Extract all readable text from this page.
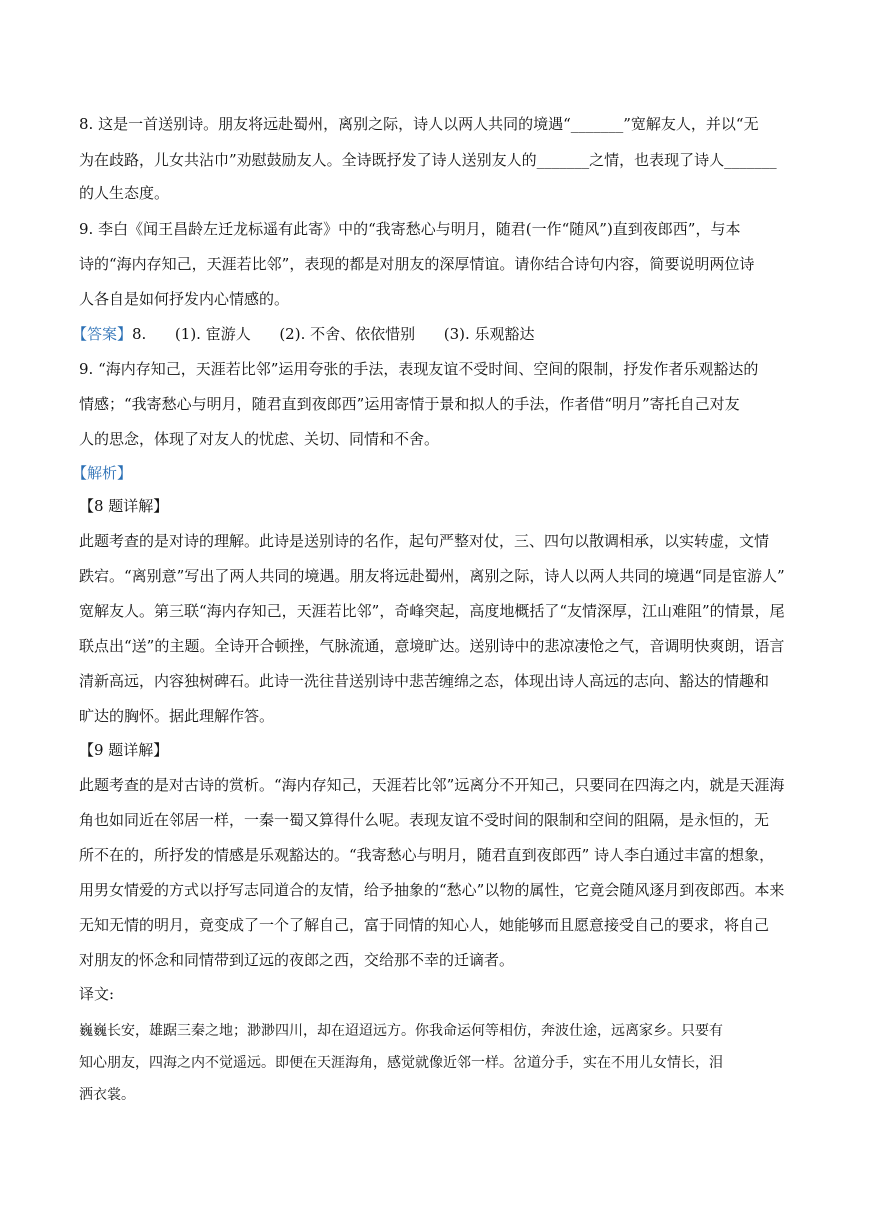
8. 这是一首送别诗。朋友将远赴蜀州，离别之际，诗人以两人共同的境遇“_______”宽解友人，并以“无
为在歧路，儿女共沾巾”劝慰鼓励友人。全诗既抒发了诗人送别友人的_______之情，也表现了诗人_______
的人生态度。
9. 李白《闻王昌龄左迁龙标遥有此寄》中的“我寄愁心与明月，随君(一作“随风”)直到夜郎西”，与本
诗的“海内存知己，天涯若比邻”，表现的都是对朋友的深厚情谊。请你结合诗句内容，简要说明两位诗
人各自是如何抒发内心情感的。
【答案】8.      (1). 宦游人      (2). 不舍、依依惜别      (3). 乐观豁达
9. “海内存知己，天涯若比邻”运用夸张的手法，表现友谊不受时间、空间的限制，抒发作者乐观豁达的
情感；“我寄愁心与明月，随君直到夜郎西”运用寄情于景和拟人的手法，作者借“明月”寄托自己对友
人的思念，体现了对友人的忧虑、关切、同情和不舍。
【解析】
【8 题详解】
此题考查的是对诗的理解。此诗是送别诗的名作，起句严整对仗，三、四句以散调相承，以实转虚，文情
跌宕。“离别意”写出了两人共同的境遇。朋友将远赴蜀州，离别之际，诗人以两人共同的境遇“同是宦游人”
宽解友人。第三联“海内存知己，天涯若比邻”，奇峰突起，高度地概括了“友情深厚，江山难阻”的情景，尾
联点出“送”的主题。全诗开合顿挫，气脉流通，意境旷达。送别诗中的悲凉凄怆之气，音调明快爽朗，语言
清新高远，内容独树碑石。此诗一洗往昔送别诗中悲苦缠绵之态，体现出诗人高远的志向、豁达的情趣和
旷达的胸怀。据此理解作答。
【9 题详解】
此题考查的是对古诗的赏析。“海内存知己，天涯若比邻”远离分不开知己，只要同在四海之内，就是天涯海
角也如同近在邻居一样，一秦一蜀又算得什么呢。表现友谊不受时间的限制和空间的阻隔，是永恒的，无
所不在的，所抒发的情感是乐观豁达的。“我寄愁心与明月，随君直到夜郎西” 诗人李白通过丰富的想象，
用男女情爱的方式以抒写志同道合的友情，给予抽象的“愁心”以物的属性，它竟会随风逐月到夜郎西。本来
无知无情的明月，竟变成了一个了解自己，富于同情的知心人，她能够而且愿意接受自己的要求，将自己
对朋友的怀念和同情带到辽远的夜郎之西，交给那不幸的迁谪者。
译文:
巍巍长安，雄踞三秦之地；渺渺四川，却在迢迢远方。你我命运何等相仿，奔波仕途，远离家乡。只要有
知心朋友，四海之内不觉遥远。即便在天涯海角，感觉就像近邻一样。岔道分手，实在不用儿女情长，泪
洒衣裳。
